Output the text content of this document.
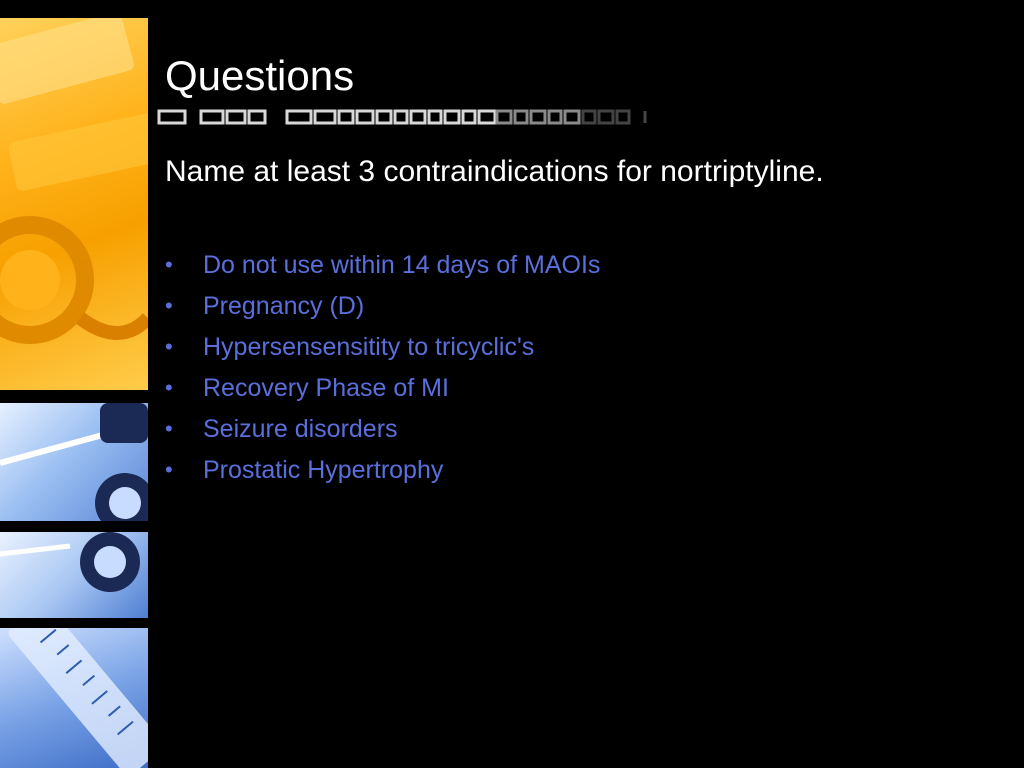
Questions
Name at least 3 contraindications for nortriptyline.
• Do not use within 14 days of MAOIs
• Pregnancy (D)
• Hypersensensitity to tricyclic's
• Recovery Phase of MI
• Seizure disorders
• Prostatic Hypertrophy
